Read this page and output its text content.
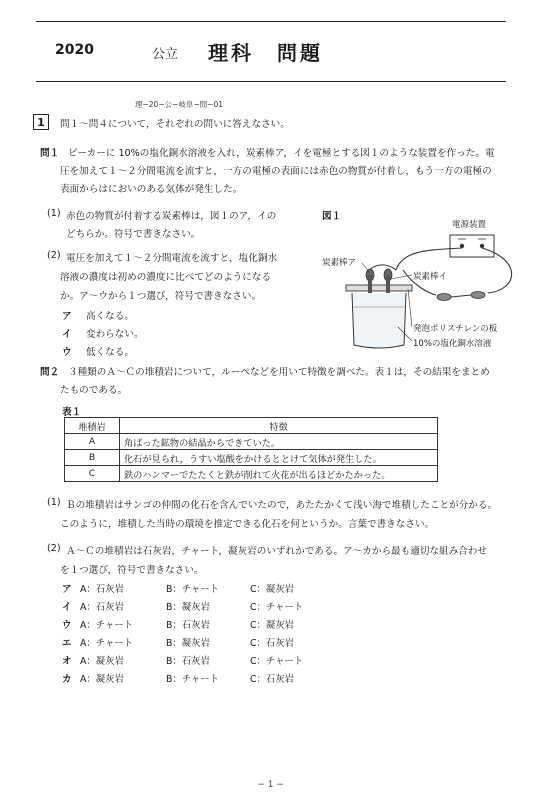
2020	公立 理科　問題
理−20−公−岐阜−問−01
1 問１〜問４について，それぞれの問いに答えなさい。
問１ ビーカーに 10%の塩化銅水溶液を入れ，炭素棒ア，イを電極とする図１のような装置を作った。電
圧を加えて１〜２分間電流を流すと，一方の電極の表面には赤色の物質が付着し，もう一方の電極の
表面からはにおいのある気体が発生した。
(1) 赤色の物質が付着する炭素棒は，図１のア，イの
どちらか。符号で書きなさい。
(2) 電圧を加えて１〜２分間電流を流すと，塩化銅水
溶液の濃度は初めの濃度に比べてどのようになる
か。ア〜ウから１つ選び，符号で書きなさい。
ア 高くなる。
イ 変わらない。
ウ 低くなる。
図１
電源装置
炭素棒ア
炭素棒イ
発泡ポリスチレンの板
10%の塩化銅水溶液
問２ ３種類のＡ〜Ｃの堆積岩について，ルーペなどを用いて特徴を調べた。表１は，その結果をまとめ
たものである。
表１
堆積岩	特徴
A	角ばった鉱物の結晶からできていた。
B	化石が見られ，うすい塩酸をかけるととけて気体が発生した。
C	鉄のハンマーでたたくと鉄が削れて火花が出るほどかたかった。
(1) Ｂの堆積岩はサンゴの仲間の化石を含んでいたので，あたたかくて浅い海で堆積したことが分かる。
このように，堆積した当時の環境を推定できる化石を何というか。言葉で書きなさい。
(2) Ａ〜Ｃの堆積岩は石灰岩，チャート，凝灰岩のいずれかである。ア〜カから最も適切な組み合わせ
を１つ選び，符号で書きなさい。
ア A：石灰岩	B：チャート	C：凝灰岩
イ A：石灰岩	B：凝灰岩	C：チャート
ウ A：チャート	B：石灰岩	C：凝灰岩
エ A：チャート	B：凝灰岩	C：石灰岩
オ A：凝灰岩	B：石灰岩	C：チャート
カ A：凝灰岩	B：チャート	C：石灰岩
− 1 −
